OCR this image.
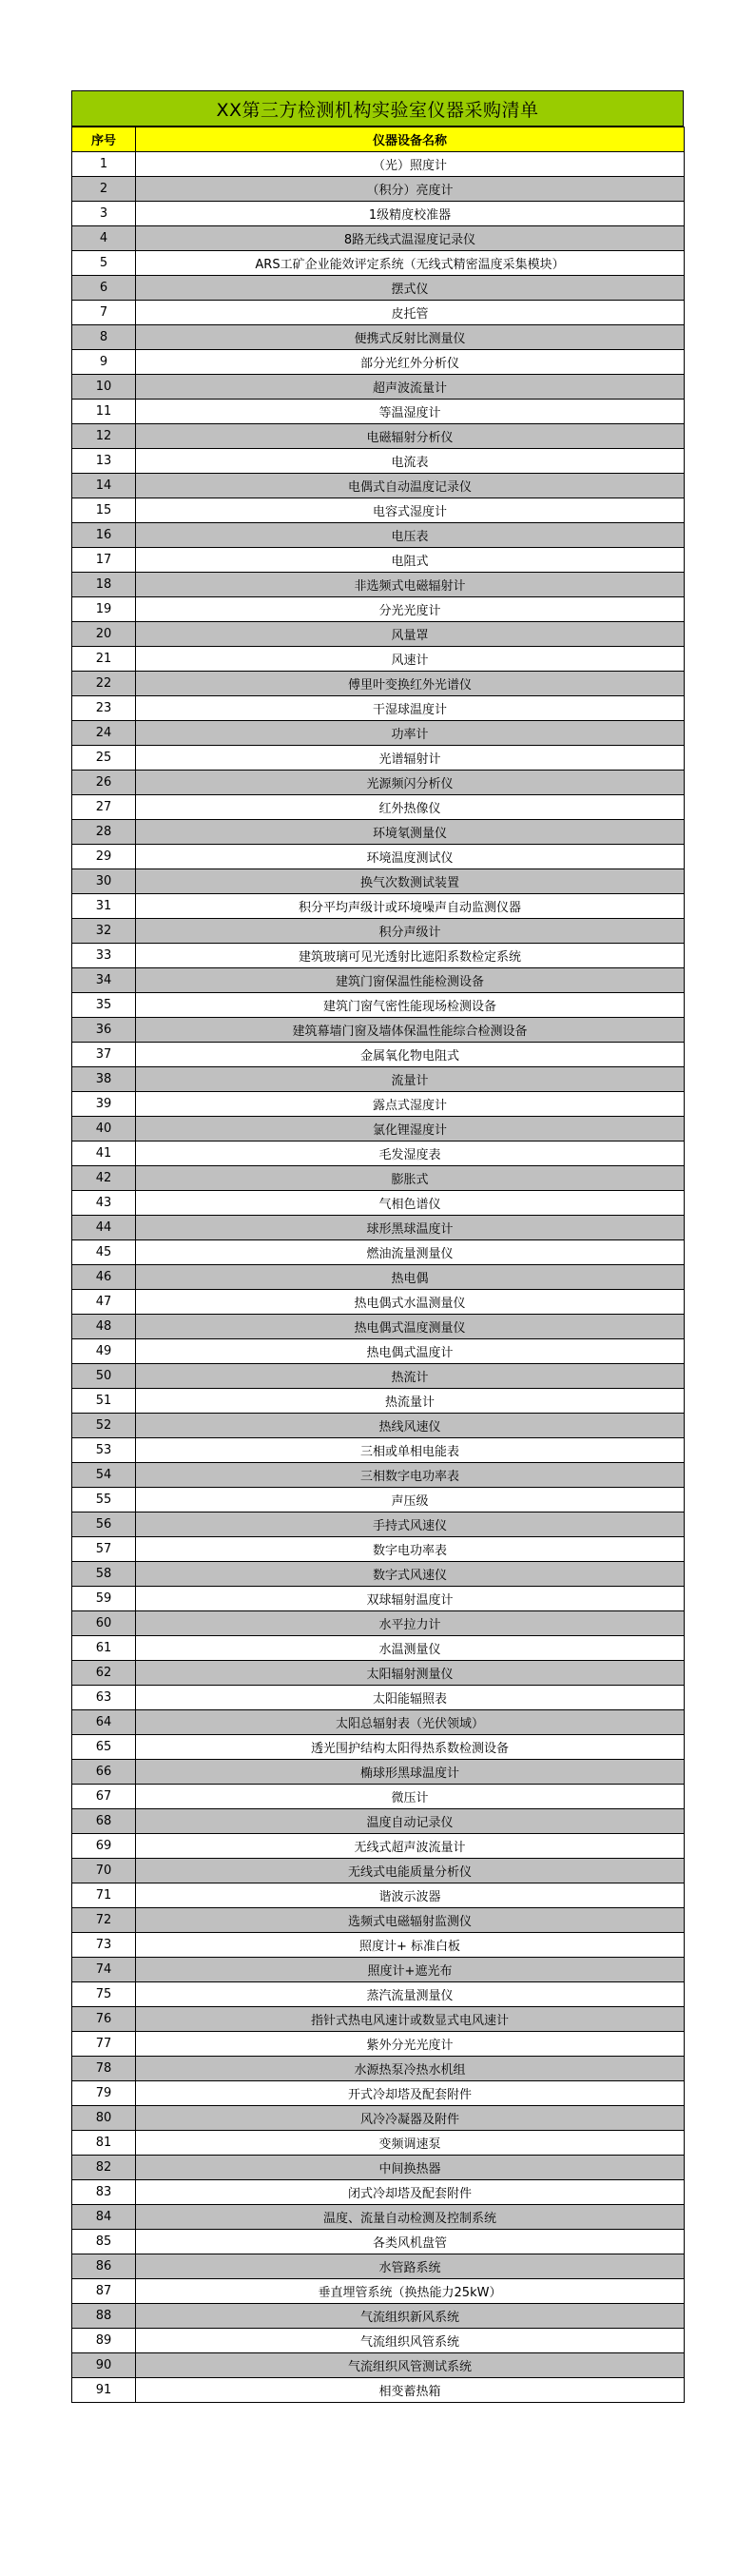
XX第三方检测机构实验室仪器采购清单
序号	仪器设备名称
1	（光）照度计
2	（积分）亮度计
3	1级精度校准器
4	8路无线式温湿度记录仪
5	ARS工矿企业能效评定系统（无线式精密温度采集模块）
6	摆式仪
7	皮托管
8	便携式反射比测量仪
9	部分光红外分析仪
10	超声波流量计
11	等温湿度计
12	电磁辐射分析仪
13	电流表
14	电偶式自动温度记录仪
15	电容式湿度计
16	电压表
17	电阻式
18	非选频式电磁辐射计
19	分光光度计
20	风量罩
21	风速计
22	傅里叶变换红外光谱仪
23	干湿球温度计
24	功率计
25	光谱辐射计
26	光源频闪分析仪
27	红外热像仪
28	环境氡测量仪
29	环境温度测试仪
30	换气次数测试装置
31	积分平均声级计或环境噪声自动监测仪器
32	积分声级计
33	建筑玻璃可见光透射比遮阳系数检定系统
34	建筑门窗保温性能检测设备
35	建筑门窗气密性能现场检测设备
36	建筑幕墙门窗及墙体保温性能综合检测设备
37	金属氧化物电阻式
38	流量计
39	露点式湿度计
40	氯化锂湿度计
41	毛发湿度表
42	膨胀式
43	气相色谱仪
44	球形黑球温度计
45	燃油流量测量仪
46	热电偶
47	热电偶式水温测量仪
48	热电偶式温度测量仪
49	热电偶式温度计
50	热流计
51	热流量计
52	热线风速仪
53	三相或单相电能表
54	三相数字电功率表
55	声压级
56	手持式风速仪
57	数字电功率表
58	数字式风速仪
59	双球辐射温度计
60	水平拉力计
61	水温测量仪
62	太阳辐射测量仪
63	太阳能辐照表
64	太阳总辐射表（光伏领域）
65	透光围护结构太阳得热系数检测设备
66	椭球形黑球温度计
67	微压计
68	温度自动记录仪
69	无线式超声波流量计
70	无线式电能质量分析仪
71	谐波示波器
72	选频式电磁辐射监测仪
73	照度计+ 标准白板
74	照度计+遮光布
75	蒸汽流量测量仪
76	指针式热电风速计或数显式电风速计
77	紫外分光光度计
78	水源热泵冷热水机组
79	开式冷却塔及配套附件
80	风冷冷凝器及附件
81	变频调速泵
82	中间换热器
83	闭式冷却塔及配套附件
84	温度、流量自动检测及控制系统
85	各类风机盘管
86	水管路系统
87	垂直埋管系统（换热能力25kW）
88	气流组织新风系统
89	气流组织风管系统
90	气流组织风管测试系统
91	相变蓄热箱
